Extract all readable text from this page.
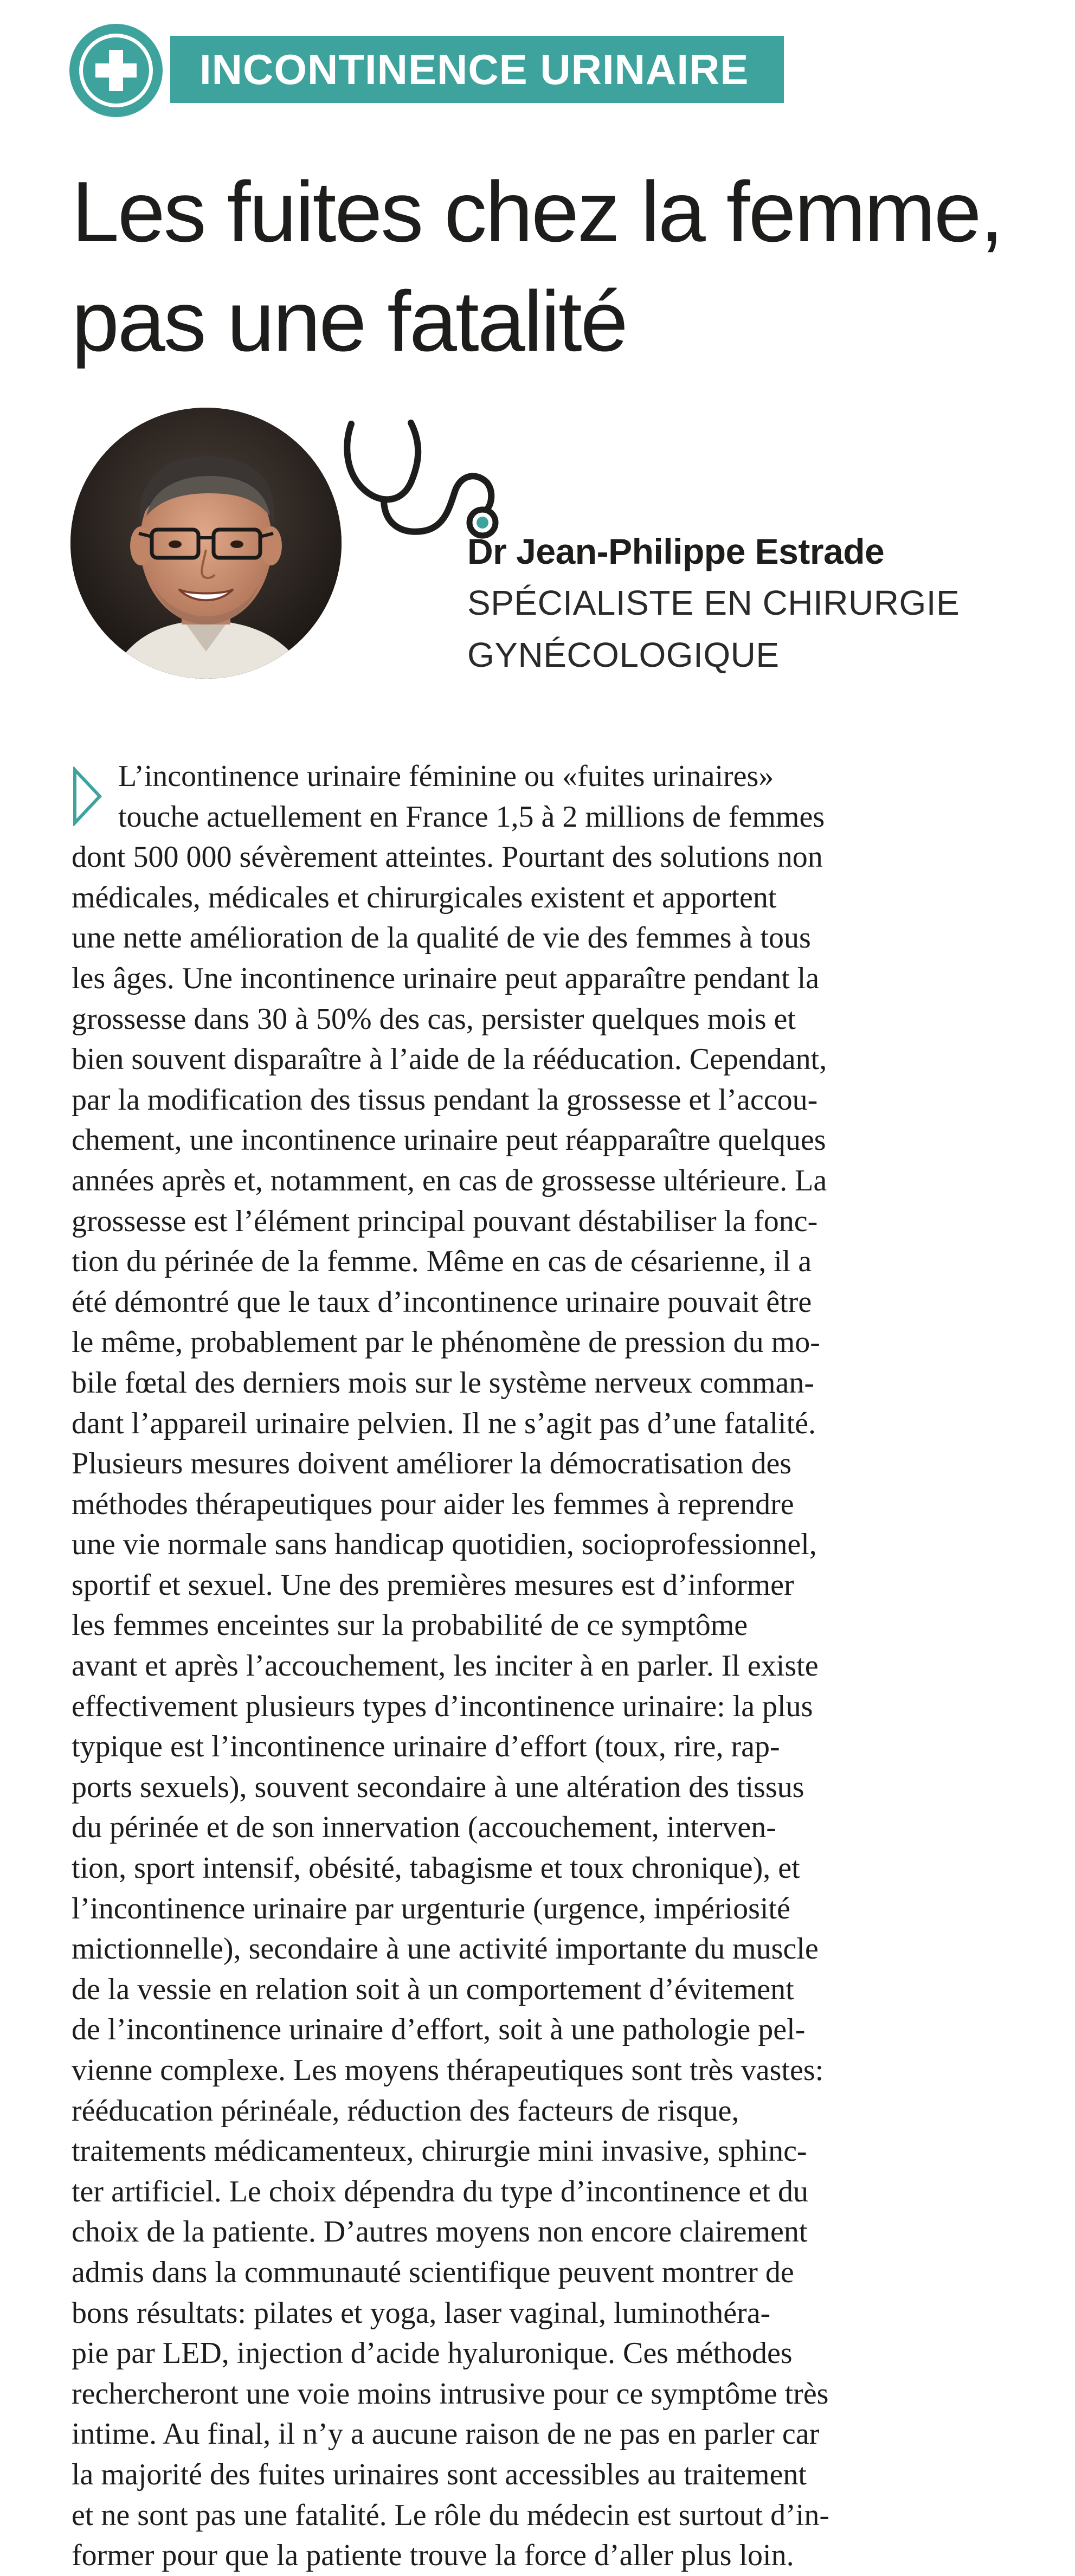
INCONTINENCE URINAIRE
Les fuites chez la femme,
pas une fatalité
Dr Jean-Philippe Estrade
SPÉCIALISTE EN CHIRURGIE
GYNÉCOLOGIQUE
L’incontinence urinaire féminine ou «fuites urinaires»
touche actuellement en France 1,5 à 2 millions de femmes
dont 500 000 sévèrement atteintes. Pourtant des solutions non
médicales, médicales et chirurgicales existent et apportent
une nette amélioration de la qualité de vie des femmes à tous
les âges. Une incontinence urinaire peut apparaître pendant la
grossesse dans 30 à 50% des cas, persister quelques mois et
bien souvent disparaître à l’aide de la rééducation. Cependant,
par la modification des tissus pendant la grossesse et l’accou-
chement, une incontinence urinaire peut réapparaître quelques
années après et, notamment, en cas de grossesse ultérieure. La
grossesse est l’élément principal pouvant déstabiliser la fonc-
tion du périnée de la femme. Même en cas de césarienne, il a
été démontré que le taux d’incontinence urinaire pouvait être
le même, probablement par le phénomène de pression du mo-
bile fœtal des derniers mois sur le système nerveux comman-
dant l’appareil urinaire pelvien. Il ne s’agit pas d’une fatalité.
Plusieurs mesures doivent améliorer la démocratisation des
méthodes thérapeutiques pour aider les femmes à reprendre
une vie normale sans handicap quotidien, socioprofessionnel,
sportif et sexuel. Une des premières mesures est d’informer
les femmes enceintes sur la probabilité de ce symptôme
avant et après l’accouchement, les inciter à en parler. Il existe
effectivement plusieurs types d’incontinence urinaire: la plus
typique est l’incontinence urinaire d’effort (toux, rire, rap-
ports sexuels), souvent secondaire à une altération des tissus
du périnée et de son innervation (accouchement, interven-
tion, sport intensif, obésité, tabagisme et toux chronique), et
l’incontinence urinaire par urgenturie (urgence, impériosité
mictionnelle), secondaire à une activité importante du muscle
de la vessie en relation soit à un comportement d’évitement
de l’incontinence urinaire d’effort, soit à une pathologie pel-
vienne complexe. Les moyens thérapeutiques sont très vastes:
rééducation périnéale, réduction des facteurs de risque,
traitements médicamenteux, chirurgie mini invasive, sphinc-
ter artificiel. Le choix dépendra du type d’incontinence et du
choix de la patiente. D’autres moyens non encore clairement
admis dans la communauté scientifique peuvent montrer de
bons résultats: pilates et yoga, laser vaginal, luminothéra-
pie par LED, injection d’acide hyaluronique. Ces méthodes
rechercheront une voie moins intrusive pour ce symptôme très
intime. Au final, il n’y a aucune raison de ne pas en parler car
la majorité des fuites urinaires sont accessibles au traitement
et ne sont pas une fatalité. Le rôle du médecin est surtout d’in-
former pour que la patiente trouve la force d’aller plus loin.
